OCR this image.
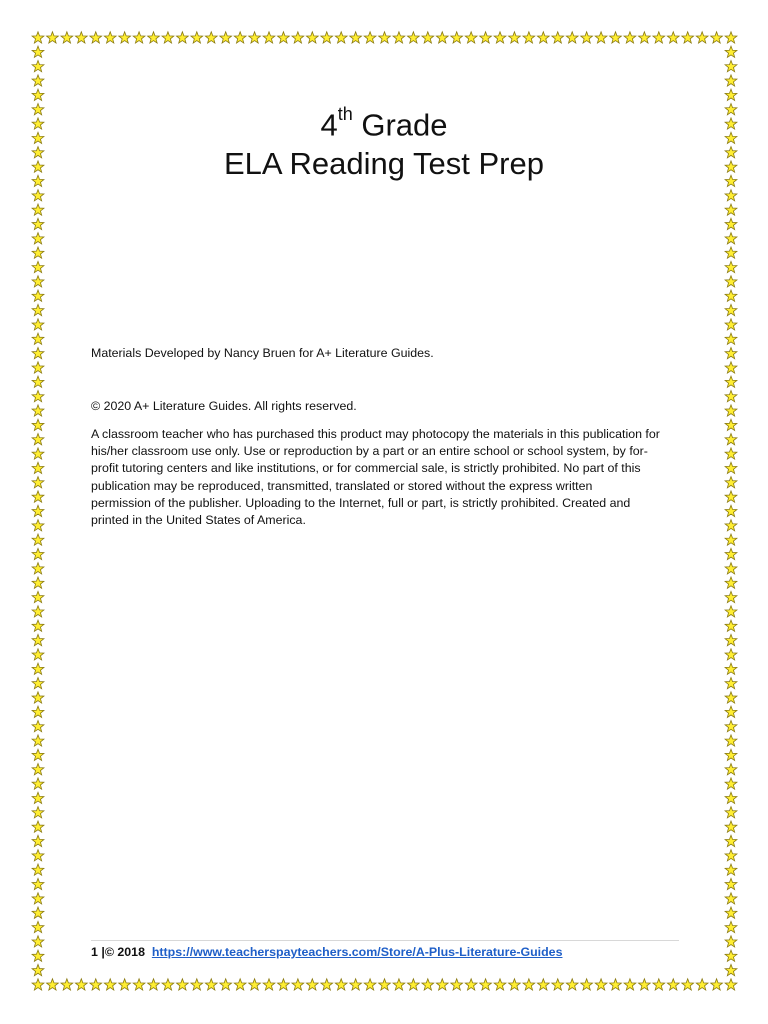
4th Grade
ELA Reading Test Prep
Materials Developed by Nancy Bruen for A+ Literature Guides.
© 2020 A+ Literature Guides. All rights reserved.
A classroom teacher who has purchased this product may photocopy the materials in this publication for
his/her classroom use only. Use or reproduction by a part or an entire school or school system, by for-
profit tutoring centers and like institutions, or for commercial sale, is strictly prohibited. No part of this
publication may be reproduced, transmitted, translated or stored without the express written
permission of the publisher. Uploading to the Internet, full or part, is strictly prohibited. Created and
printed in the United States of America.
1 |© 2018 https://www.teacherspayteachers.com/Store/A-Plus-Literature-Guides
